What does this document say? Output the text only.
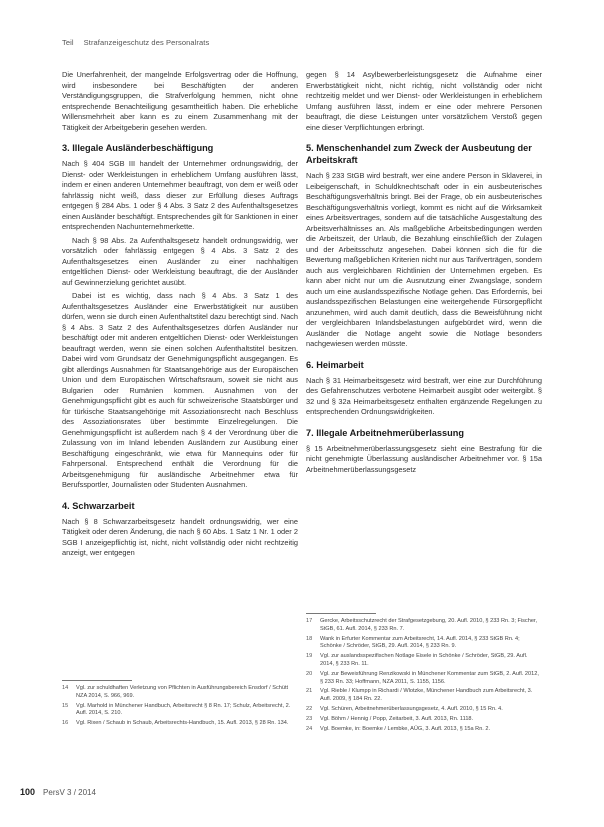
Teil Strafanzeigeschutz des Personalrats

Die Unerfahrenheit, der mangelnde Erfolgsvertrag oder die Hoffnung, wird insbesondere bei Beschäftigten der anderen Verständigungsgruppen, die Strafverfolgung hemmen, nicht ohne entsprechende Benachteiligung gesamtheitlich haben. Die erhebliche Willensmehrheit aber kann es zu einem Zusammenhang mit der Tätigkeit der Arbeitgeberin gesehen werden.

3. Illegale Ausländerbeschäftigung

Nach § 404 SGB III handelt der Unternehmer ordnungswidrig, der Dienst- oder Werkleistungen in erheblichem Umfang ausführen lässt, indem er einen anderen Unternehmer beauftragt, von dem er weiß oder fahrlässig nicht weiß, dass dieser zur Erfüllung dieses Auftrags entgegen § 284 Abs. 1 oder § 4 Abs. 3 Satz 2 des Aufenthaltsgesetzes einen Ausländer beschäftigt. Entsprechendes gilt für Sanktionen in einer entsprechenden Nachunternehmerkette.

Nach § 98 Abs. 2a Aufenthaltsgesetz handelt ordnungswidrig, wer vorsätzlich oder fahrlässig entgegen § 4 Abs. 3 Satz 2 des Aufenthaltsgesetzes einen Ausländer zu einer nachhaltigen entgeltlichen Dienst- oder Werkleistung beauftragt, die der Ausländer auf Gewinnerzielung gerichtet ausübt.

Dabei ist es wichtig, dass nach § 4 Abs. 3 Satz 1 des Aufenthaltsgesetzes Ausländer eine Erwerbstätigkeit nur ausüben dürfen, wenn sie durch einen Aufenthaltstitel dazu berechtigt sind. Nach § 4 Abs. 3 Satz 2 des Aufenthaltsgesetzes dürfen Ausländer nur beschäftigt oder mit anderen entgeltlichen Dienst- oder Werkleistungen beauftragt werden, wenn sie einen solchen Aufenthaltstitel besitzen. Dabei wird vom Grundsatz der Genehmigungspflicht ausgegangen. Es gibt allerdings Ausnahmen für Staatsangehörige aus der Europäischen Union und dem Europäischen Wirtschaftsraum, soweit sie nicht aus Bulgarien oder Rumänien kommen. Ausnahmen von der Genehmigungspflicht gibt es auch für schweizerische Staatsbürger und für türkische Staatsangehörige mit Assoziationsrecht nach Beschluss des Assoziationsrates über bestimmte Einzelregelungen. Die Genehmigungspflicht ist außerdem nach § 4 der Verordnung über die Zulassung von im Inland lebenden Ausländern zur Ausübung einer Beschäftigung eingeschränkt, wie etwa für Mannequins oder für Fahrpersonal. Entsprechend enthält die Verordnung für die Arbeitsgenehmigung für ausländische Arbeitnehmer etwa für Berufssportler, Journalisten oder Studenten Ausnahmen.

4. Schwarzarbeit

Nach § 8 Schwarzarbeitsgesetz handelt ordnungswidrig, wer eine Tätigkeit oder deren Änderung, die nach § 60 Abs. 1 Satz 1 Nr. 1 oder 2 SGB I anzeigepflichtig ist, nicht, nicht vollständig oder nicht rechtzeitig anzeigt, wer entgegen

gegen § 14 Asylbewerberleistungsgesetz die Aufnahme einer Erwerbstätigkeit nicht, nicht richtig, nicht vollständig oder nicht rechtzeitig meldet und wer Dienst- oder Werkleistungen in erheblichem Umfang ausführen lässt, indem er eine oder mehrere Personen beauftragt, die diese Leistungen unter vorsätzlichem Verstoß gegen eine dieser Verpflichtungen erbringt.

5. Menschenhandel zum Zweck der Ausbeutung der Arbeitskraft

Nach § 233 StGB wird bestraft, wer eine andere Person in Sklaverei, in Leibeigenschaft, in Schuldknechtschaft oder in ein ausbeuterisches Beschäftigungsverhältnis bringt. Bei der Frage, ob ein ausbeuterisches Beschäftigungsverhältnis vorliegt, kommt es nicht auf die Wirksamkeit eines Arbeitsvertrages, sondern auf die tatsächliche Ausgestaltung des Arbeitsverhältnisses an. Als maßgebliche Arbeitsbedingungen werden die Arbeitszeit, der Urlaub, die Bezahlung einschließlich der Zulagen und der Arbeitsschutz angesehen. Dabei können sich die für die Bewertung maßgeblichen Kriterien nicht nur aus Tarifverträgen, sondern auch aus vergleichbaren Richtlinien der Unternehmen ergeben. Es kann aber nicht nur um die Ausnutzung einer Zwangslage, sondern auch um eine auslandsspezifische Notlage gehen. Das Erfordernis, bei auslandsspezifischen Belastungen eine weitergehende Fürsorgepflicht anzunehmen, wird auch damit deutlich, dass die Beweisführung nicht der vergleichbaren Inlandsbelastungen aufgebürdet wird, wenn die Ausländer die Notlage angeht sowie die Notlage besonders nachgewiesen werden müsste.

6. Heimarbeit

Nach § 31 Heimarbeitsgesetz wird bestraft, wer eine zur Durchführung des Gefahrenschutzes verbotene Heimarbeit ausgibt oder weitergibt. § 32 und § 32a Heimarbeitsgesetz enthalten ergänzende Regelungen zu entsprechenden Ordnungswidrigkeiten.

7. Illegale Arbeitnehmerüberlassung

§ 15 Arbeitnehmerüberlassungsgesetz sieht eine Bestrafung für die nicht genehmigte Überlassung ausländischer Arbeitnehmer vor. § 15a Arbeitnehmerüberlassungsgesetz

14 Vgl. zur schuldhaften Verletzung von Pflichten in Ausführungsbereich Ensdorf / Schütt NZA 2014, S. 966, 969.
15 Vgl. Marhold in Münchener Handbuch, Arbeitsrecht § 8 Rn. 17; Schulz, Arbeitsrecht, 2. Aufl. 2014, S. 210.
16 Vgl. Rixen / Schaub in Schaub, Arbeitsrechts-Handbuch, 15. Aufl. 2013, § 28 Rn. 134.
17 Gercke, Arbeitsschutzrecht der Strafgesetzgebung, 20. Aufl. 2010, § 233 Rn. 3; Fischer, StGB, 61. Aufl. 2014, § 233 Rn. 7.
18 Wank in Erfurter Kommentar zum Arbeitsrecht, 14. Aufl. 2014, § 233 StGB Rn. 4; Schönke / Schröder, StGB, 29. Aufl. 2014, § 233 Rn. 9.
19 Vgl. zur auslandsspezifischen Notlage Eisele in Schönke / Schröder, StGB, 29. Aufl. 2014, § 233 Rn. 11.
20 Vgl. zur Beweisführung Renzikowski in Münchener Kommentar zum StGB, 2. Aufl. 2012, § 233 Rn. 33; Hoffmann, NZA 2011, S. 1155, 1156.
21 Vgl. Rieble / Klumpp in Richardi / Wlotzke, Münchener Handbuch zum Arbeitsrecht, 3. Aufl. 2009, § 184 Rn. 22.
22 Vgl. Schüren, Arbeitnehmerüberlassungsgesetz, 4. Aufl. 2010, § 15 Rn. 4.
23 Vgl. Böhm / Hennig / Popp, Zeitarbeit, 3. Aufl. 2013, Rn. 1118.
24 Vgl. Boemke, in: Boemke / Lembke, AÜG, 3. Aufl. 2013, § 15a Rn. 2.
100 PersV 3 / 2014
